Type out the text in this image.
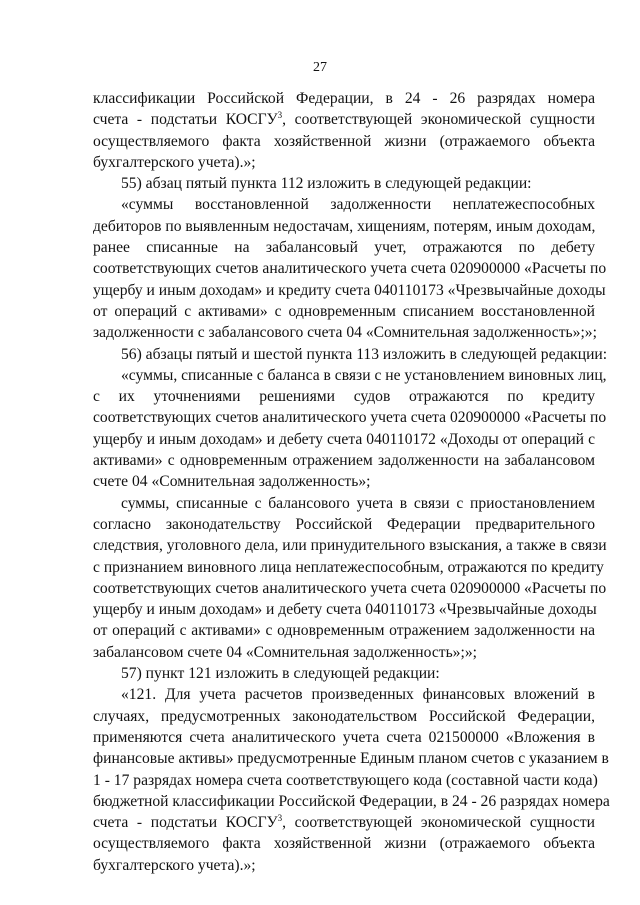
27
классификации Российской Федерации, в 24 - 26 разрядах номера
счета - подстатьи КОСГУ$^3$, соответствующей экономической сущности
осуществляемого факта хозяйственной жизни (отражаемого объекта
бухгалтерского учета).»;
55) абзац пятый пункта 112 изложить в следующей редакции:
«суммы восстановленной задолженности неплатежеспособных
дебиторов по выявленным недостачам, хищениям, потерям, иным доходам,
ранее списанные на забалансовый учет, отражаются по дебету
соответствующих счетов аналитического учета счета 020900000 «Расчеты по
ущербу и иным доходам» и кредиту счета 040110173 «Чрезвычайные доходы
от операций с активами» с одновременным списанием восстановленной
задолженности с забалансового счета 04 «Сомнительная задолженность»;»;
56) абзацы пятый и шестой пункта 113 изложить в следующей редакции:
«суммы, списанные с баланса в связи с не установлением виновных лиц,
с их уточнениями решениями судов отражаются по кредиту
соответствующих счетов аналитического учета счета 020900000 «Расчеты по
ущербу и иным доходам» и дебету счета 040110172 «Доходы от операций с
активами» с одновременным отражением задолженности на забалансовом
счете 04 «Сомнительная задолженность»;
суммы, списанные с балансового учета в связи с приостановлением
согласно законодательству Российской Федерации предварительного
следствия, уголовного дела, или принудительного взыскания, а также в связи
с признанием виновного лица неплатежеспособным, отражаются по кредиту
соответствующих счетов аналитического учета счета 020900000 «Расчеты по
ущербу и иным доходам» и дебету счета 040110173 «Чрезвычайные доходы
от операций с активами» с одновременным отражением задолженности на
забалансовом счете 04 «Сомнительная задолженность»;»;
57) пункт 121 изложить в следующей редакции:
«121. Для учета расчетов произведенных финансовых вложений в
случаях, предусмотренных законодательством Российской Федерации,
применяются счета аналитического учета счета 021500000 «Вложения в
финансовые активы» предусмотренные Единым планом счетов с указанием в
1 - 17 разрядах номера счета соответствующего кода (составной части кода)
бюджетной классификации Российской Федерации, в 24 - 26 разрядах номера
счета - подстатьи КОСГУ$^3$, соответствующей экономической сущности
осуществляемого факта хозяйственной жизни (отражаемого объекта
бухгалтерского учета).»;
